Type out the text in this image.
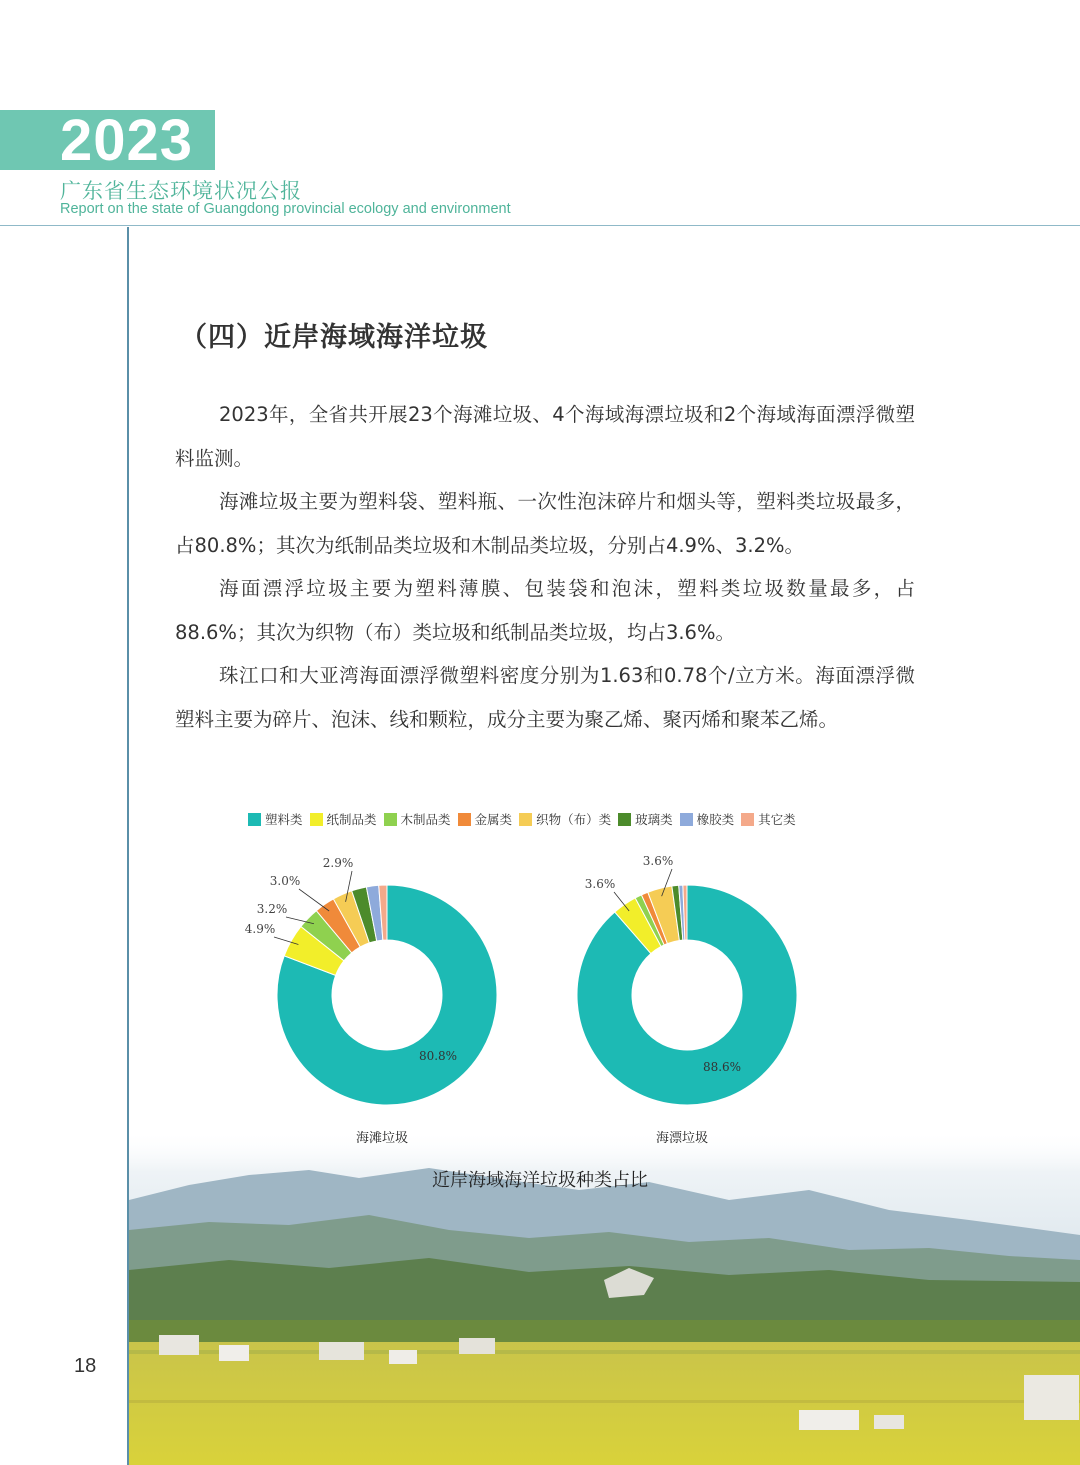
2023
广东省生态环境状况公报
Report on the state of Guangdong provincial ecology and environment
（四）近岸海域海洋垃圾

2023年，全省共开展23个海滩垃圾、4个海域海漂垃圾和2个海域海面漂浮微塑料监测。

海滩垃圾主要为塑料袋、塑料瓶、一次性泡沫碎片和烟头等，塑料类垃圾最多，占80.8%；其次为纸制品类垃圾和木制品类垃圾，分别占4.9%、3.2%。

海面漂浮垃圾主要为塑料薄膜、包装袋和泡沫，塑料类垃圾数量最多，占88.6%；其次为织物（布）类垃圾和纸制品类垃圾，均占3.6%。

珠江口和大亚湾海面漂浮微塑料密度分别为1.63和0.78个/立方米。海面漂浮微塑料主要为碎片、泡沫、线和颗粒，成分主要为聚乙烯、聚丙烯和聚苯乙烯。

塑料类 纸制品类 木制品类 金属类 织物（布）类 玻璃类 橡胶类 其它类
80.8%
4.9%
3.2%
3.0%
2.9%
海滩垃圾
88.6%
3.6%
3.6%
海漂垃圾
近岸海域海洋垃圾种类占比
18
